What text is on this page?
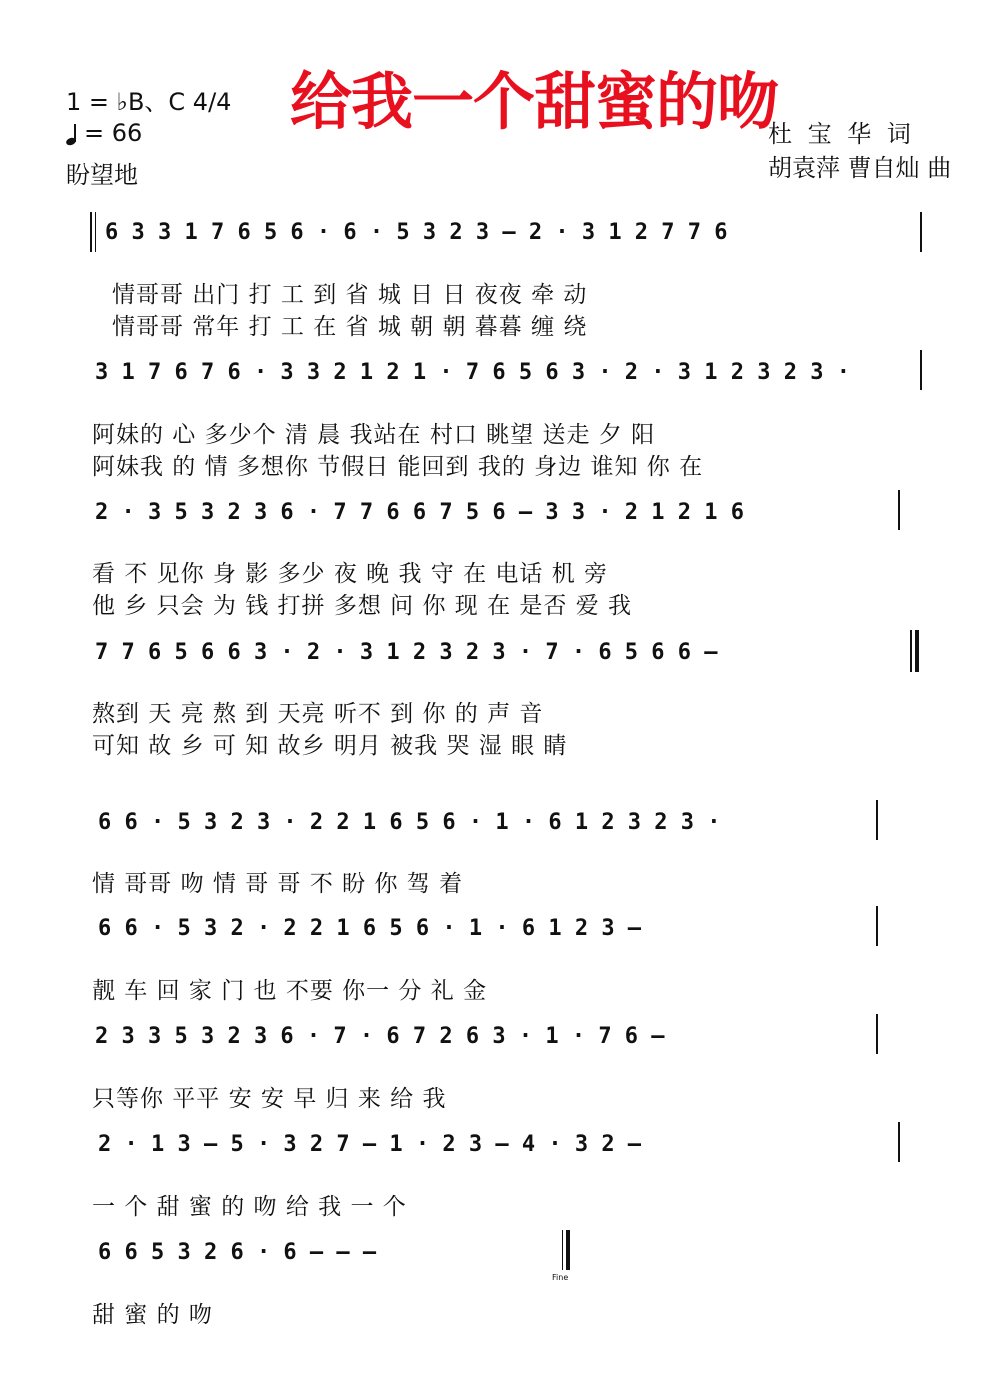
1 = ♭B、C 4/4
= 66
盼望地
给我一个甜蜜的吻
杜 宝 华 词
胡袁萍 曹自灿 曲
6 3 3 1 7 6 5 6 · 6 · 5 3 2 3 — 2 · 3 1 2 7 7 6
情哥哥 出门 打 工 到 省 城 日 日 夜夜 牵 动
情哥哥 常年 打 工 在 省 城 朝 朝 暮暮 缠 绕
3 1 7 6 7 6 · 3 3 2 1 2 1 · 7 6 5 6 3 · 2 · 3 1 2 3 2 3 ·
阿妹的 心 多少个 清 晨 我站在 村口 眺望 送走 夕 阳
阿妹我 的 情 多想你 节假日 能回到 我的 身边 谁知 你 在
2 · 3 5 3 2 3 6 · 7 7 6 6 7 5 6 — 3 3 · 2 1 2 1 6
看 不 见你 身 影 多少 夜 晚 我 守 在 电话 机 旁
他 乡 只会 为 钱 打拼 多想 问 你 现 在 是否 爱 我
7 7 6 5 6 6 3 · 2 · 3 1 2 3 2 3 · 7 · 6 5 6 6 —
熬到 天 亮 熬 到 天亮 听不 到 你 的 声 音
可知 故 乡 可 知 故乡 明月 被我 哭 湿 眼 睛
6 6 · 5 3 2 3 · 2 2 1 6 5 6 · 1 · 6 1 2 3 2 3 ·
情 哥哥 吻 情 哥 哥 不 盼 你 驾 着
6 6 · 5 3 2 · 2 2 1 6 5 6 · 1 · 6 1 2 3 —
靓 车 回 家 门 也 不要 你一 分 礼 金
2 3 3 5 3 2 3 6 · 7 · 6 7 2 6 3 · 1 · 7 6 —
只等你 平平 安 安 早 归 来 给 我
2 · 1 3 — 5 · 3 2 7 — 1 · 2 3 — 4 · 3 2 —
一 个 甜 蜜 的 吻 给 我 一 个
6 6 5 3 2 6 · 6 — — —
Fine
甜 蜜 的 吻
